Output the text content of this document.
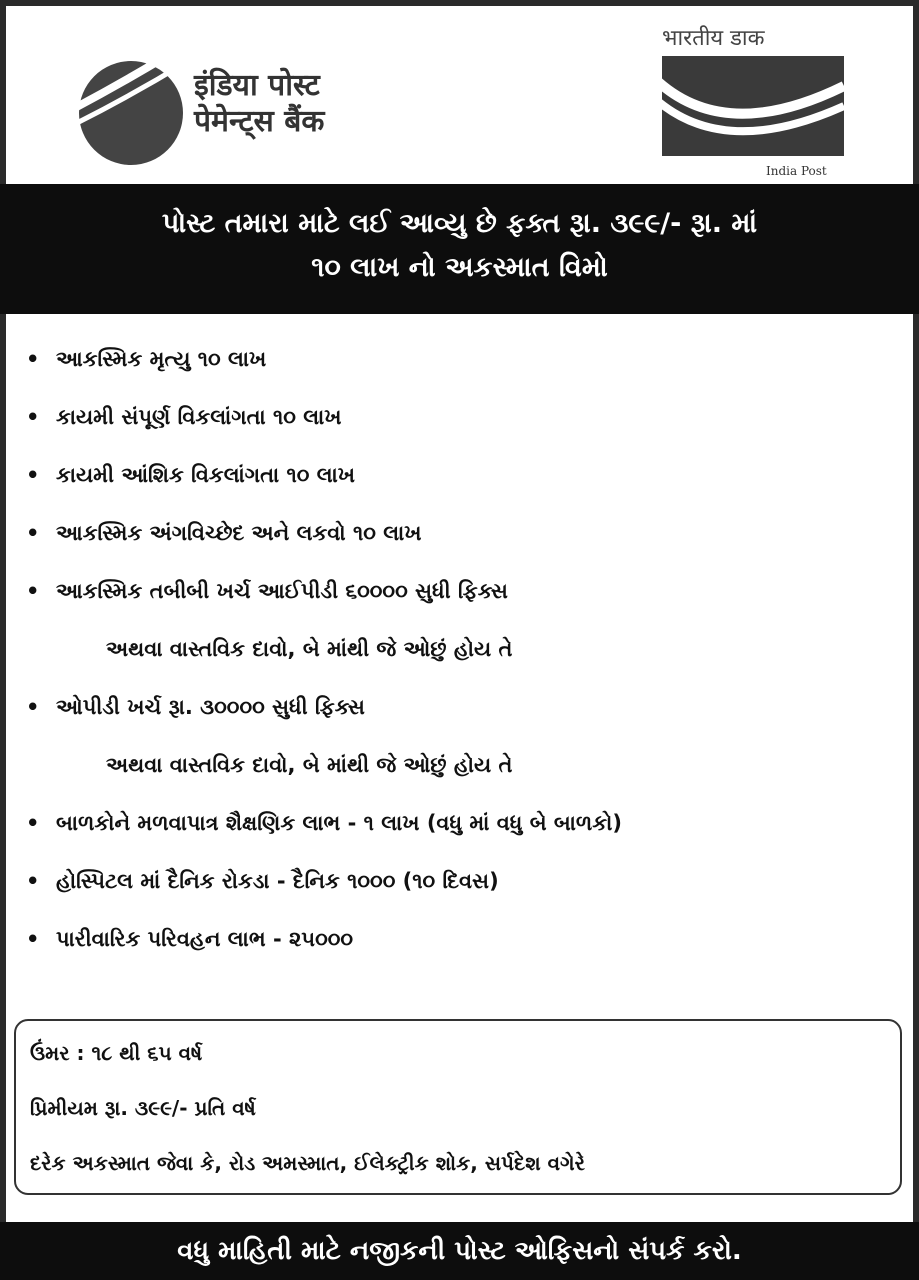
इंडिया पोस्ट
पेमेन्ट्स बैंक
भारतीय डाक
India Post
પોસ્ટ તમારા માટે લઈ આવ્યુ છે ફક્ત રૂા. ૩૯૯/- રૂા. માં
૧૦ લાખ નો અકસ્માત વિમો
• આકસ્મિક મૃત્યુ ૧૦ લાખ
• કાયમી સંપૂર્ણ વિકલાંગતા ૧૦ લાખ
• કાયમી આંશિક વિકલાંગતા ૧૦ લાખ
• આકસ્મિક અંગવિચ્છેદ અને લકવો ૧૦ લાખ
• આકસ્મિક તબીબી ખર્ચ આઈપીડી ૬૦૦૦૦ સુધી ફિક્સ
અથવા વાસ્તવિક દાવો, બે માંથી જે ઓછું હોય તે
• ઓપીડી ખર્ચ રૂા. ૩૦૦૦૦ સુધી ફિક્સ
અથવા વાસ્તવિક દાવો, બે માંથી જે ઓછું હોય તે
• બાળકોને મળવાપાત્ર શૈક્ષણિક લાભ - ૧ લાખ (વધુ માં વધુ બે બાળકો)
• હોસ્પિટલ માં દૈનિક રોકડા - દૈનિક ૧૦૦૦ (૧૦ દિવસ)
• પારીવારિક પરિવહન લાભ - ૨૫૦૦૦
ઉંમર : ૧૮ થી ૬૫ વર્ષ
પ્રિમીયમ રૂા. ૩૯૯/- પ્રતિ વર્ષ
દરેક અકસ્માત જેવા કે, રોડ અમસ્માત, ઈલેક્ટ્રીક શોક, સર્પદેશ વગેરે
વધુ માહિતી માટે નજીકની પોસ્ટ ઓફિસનો સંપર્ક કરો.
